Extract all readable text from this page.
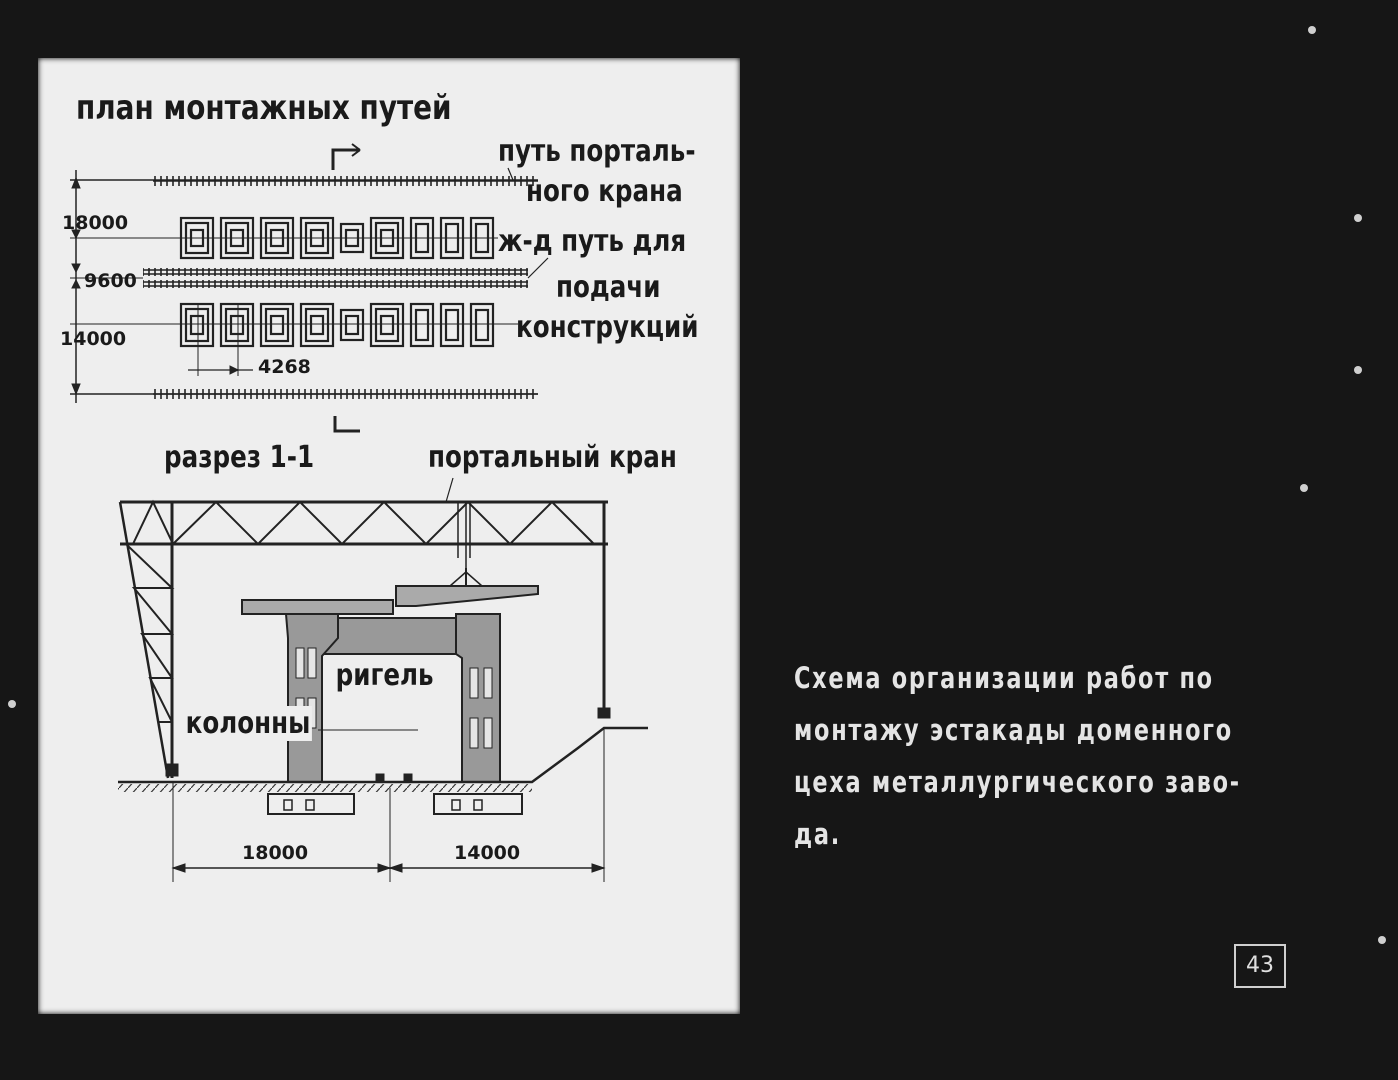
план монтажных путей
путь порталь-
ного крана
ж-д путь для
подачи
конструкций
18000
9600
14000
4268
разрез 1-1	портальный кран
ригель
колонны
18000	14000
Схема организации работ по
монтажу эстакады доменного
цеха металлургического заво-
да.
43
